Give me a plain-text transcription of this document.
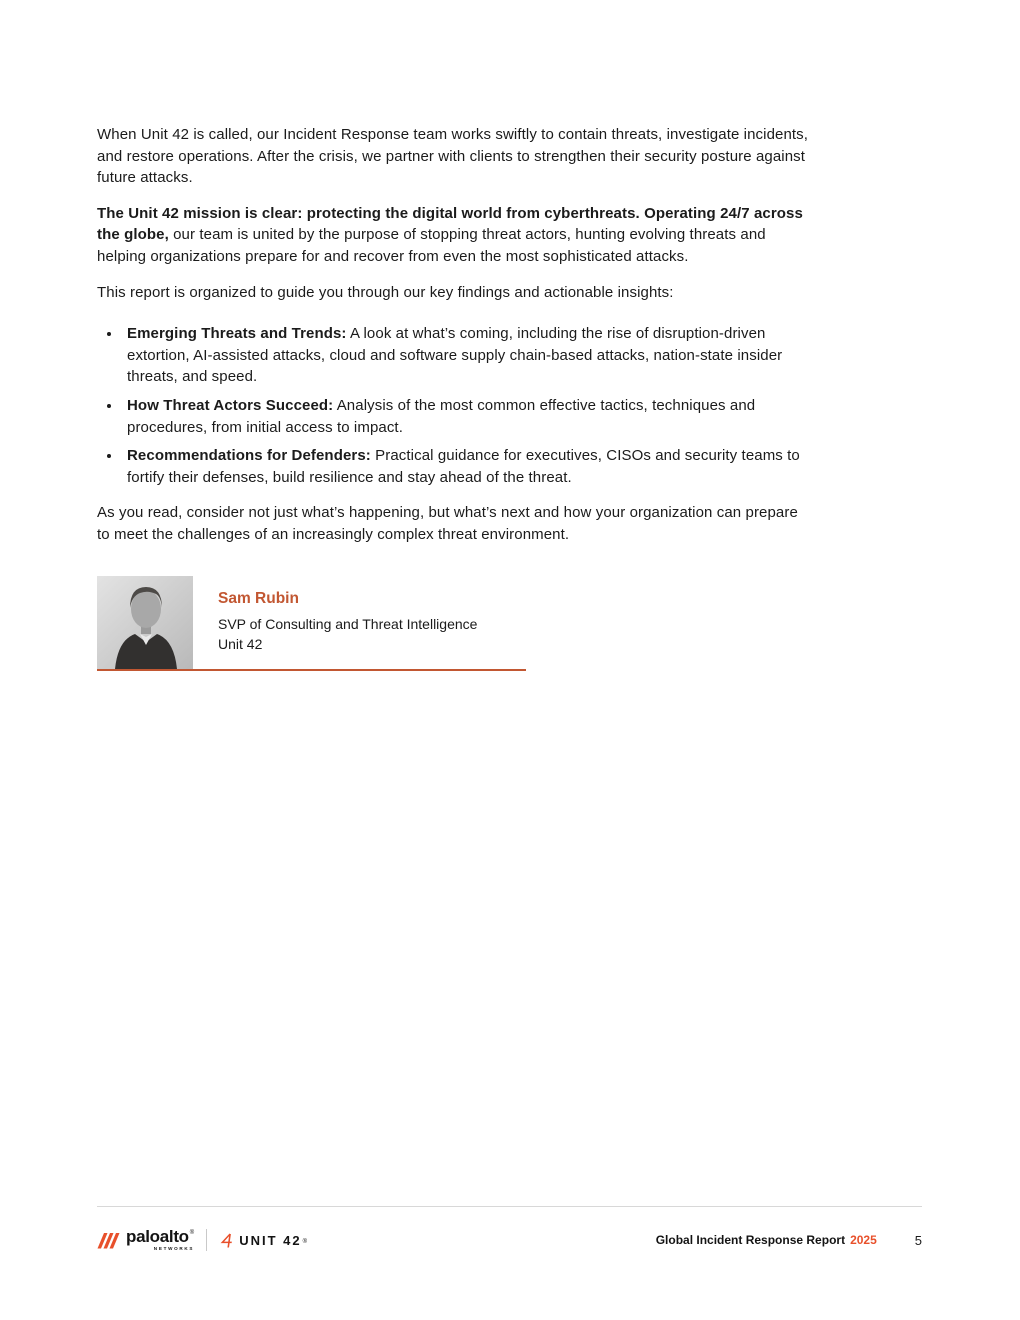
When Unit 42 is called, our Incident Response team works swiftly to contain threats, investigate incidents, and restore operations. After the crisis, we partner with clients to strengthen their security posture against future attacks.

The Unit 42 mission is clear: protecting the digital world from cyberthreats. Operating 24/7 across the globe, our team is united by the purpose of stopping threat actors, hunting evolving threats and helping organizations prepare for and recover from even the most sophisticated attacks.

This report is organized to guide you through our key findings and actionable insights:

Emerging Threats and Trends: A look at what’s coming, including the rise of disruption-driven extortion, AI-assisted attacks, cloud and software supply chain-based attacks, nation-state insider threats, and speed.
How Threat Actors Succeed: Analysis of the most common effective tactics, techniques and procedures, from initial access to impact.
Recommendations for Defenders: Practical guidance for executives, CISOs and security teams to fortify their defenses, build resilience and stay ahead of the threat.

As you read, consider not just what’s happening, but what’s next and how your organization can prepare to meet the challenges of an increasingly complex threat environment.

Sam Rubin
SVP of Consulting and Threat Intelligence
Unit 42
paloalto®
NETWORKS
UNIT 42®	Global Incident Response Report 2025	5
